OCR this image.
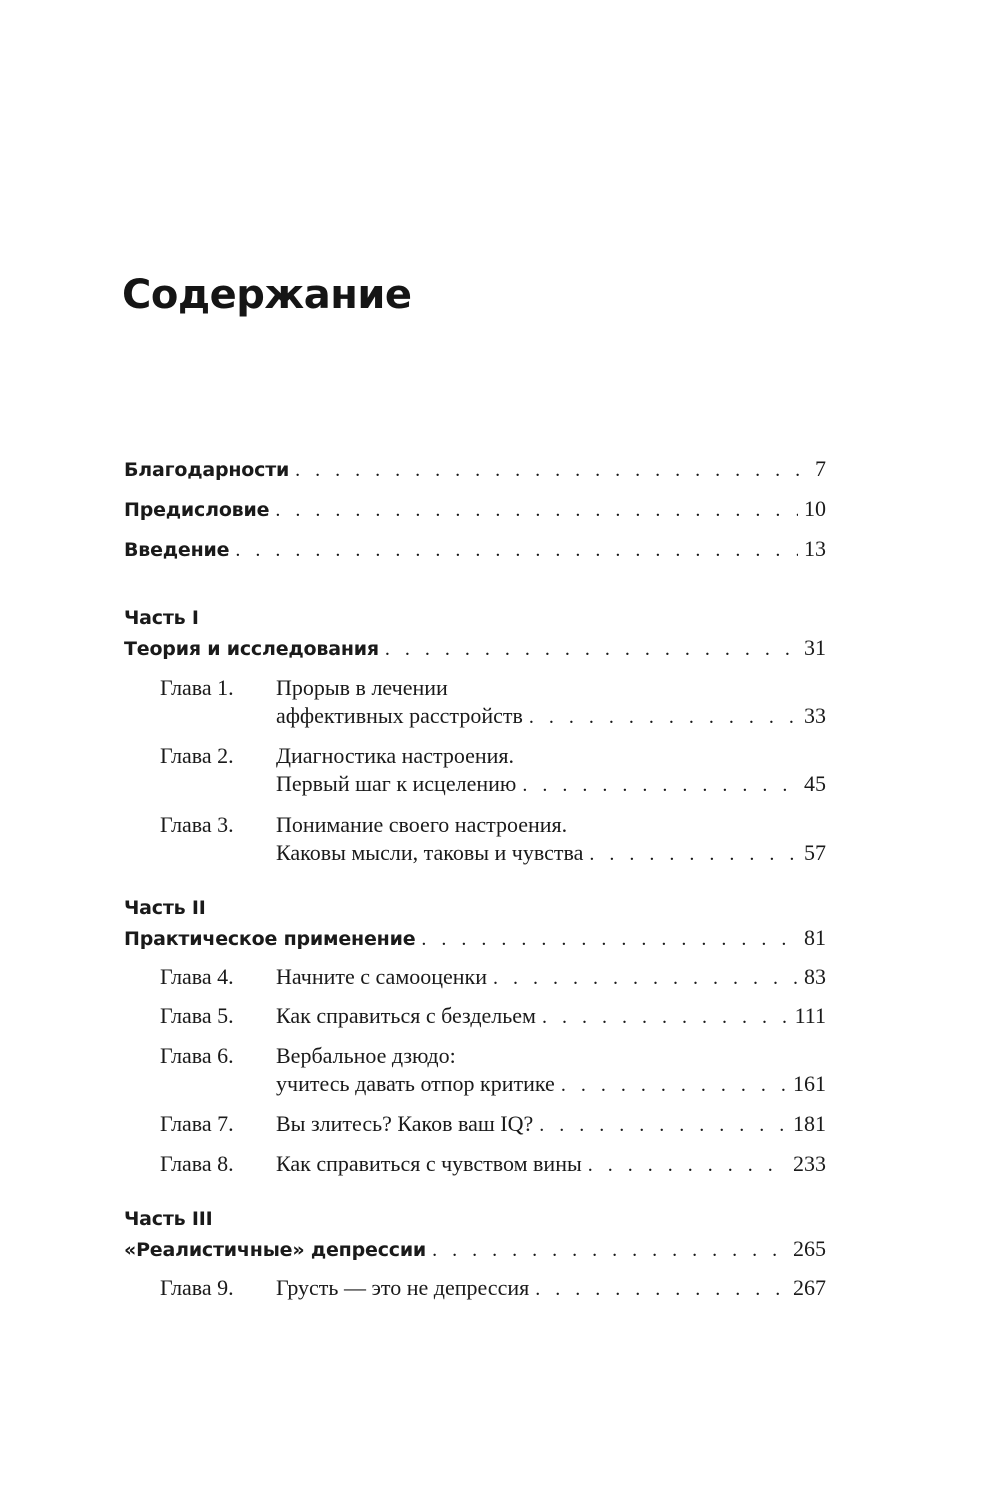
Содержание
Благодарности . . .	7
Предисловие . . .	10
Введение . . .	13
Часть I
Теория и исследования . . .	31
Глава 1. Прорыв в лечении
аффективных расстройств . . .	33
Глава 2. Диагностика настроения.
Первый шаг к исцелению . . .	45
Глава 3. Понимание своего настроения.
Каковы мысли, таковы и чувства . . .	57
Часть II
Практическое применение . . .	81
Глава 4. Начните с самооценки . . .	83
Глава 5. Как справиться с бездельем . . .	111
Глава 6. Вербальное дзюдо:
учитесь давать отпор критике . . .	161
Глава 7. Вы злитесь? Каков ваш IQ? . . .	181
Глава 8. Как справиться с чувством вины . . .	233
Часть III
«Реалистичные» депрессии . . .	265
Глава 9. Грусть — это не депрессия . . .	267
